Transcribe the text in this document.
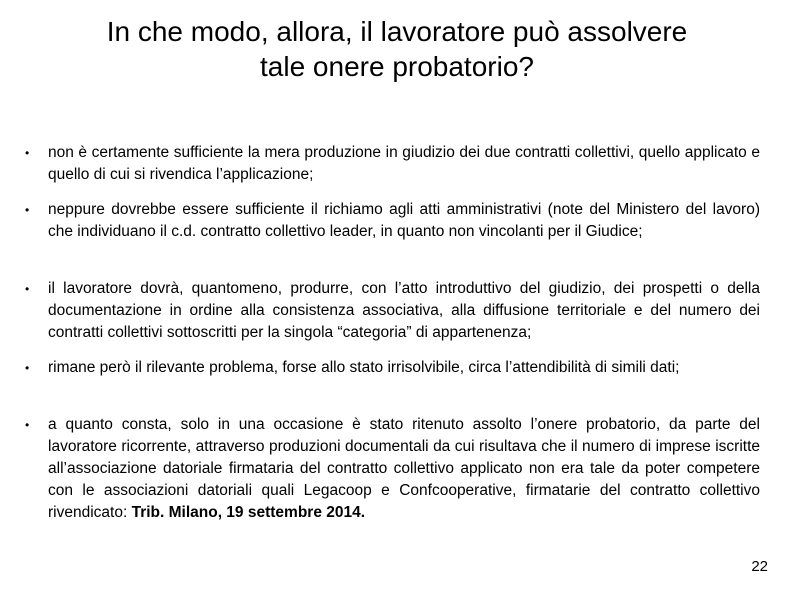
In che modo, allora, il lavoratore può assolvere
tale onere probatorio?
•	non è certamente sufficiente la mera produzione in giudizio dei due contratti collettivi, quello applicato e quello di cui si rivendica l’applicazione;
•	neppure dovrebbe essere sufficiente il richiamo agli atti amministrativi (note del Ministero del lavoro) che individuano il c.d. contratto collettivo leader, in quanto non vincolanti per il Giudice;
•	il lavoratore dovrà, quantomeno, produrre, con l’atto introduttivo del giudizio, dei prospetti o della documentazione in ordine alla consistenza associativa, alla diffusione territoriale e del numero dei contratti collettivi sottoscritti per la singola “categoria” di appartenenza;
•	rimane però il rilevante problema, forse allo stato irrisolvibile, circa l’attendibilità di simili dati;
•	a quanto consta, solo in una occasione è stato ritenuto assolto l’onere probatorio, da parte del lavoratore ricorrente, attraverso produzioni documentali da cui risultava che il numero di imprese iscritte all’associazione datoriale firmataria del contratto collettivo applicato non era tale da poter competere con le associazioni datoriali quali Legacoop e Confcooperative, firmatarie del contratto collettivo rivendicato: Trib. Milano, 19 settembre 2014.
22
